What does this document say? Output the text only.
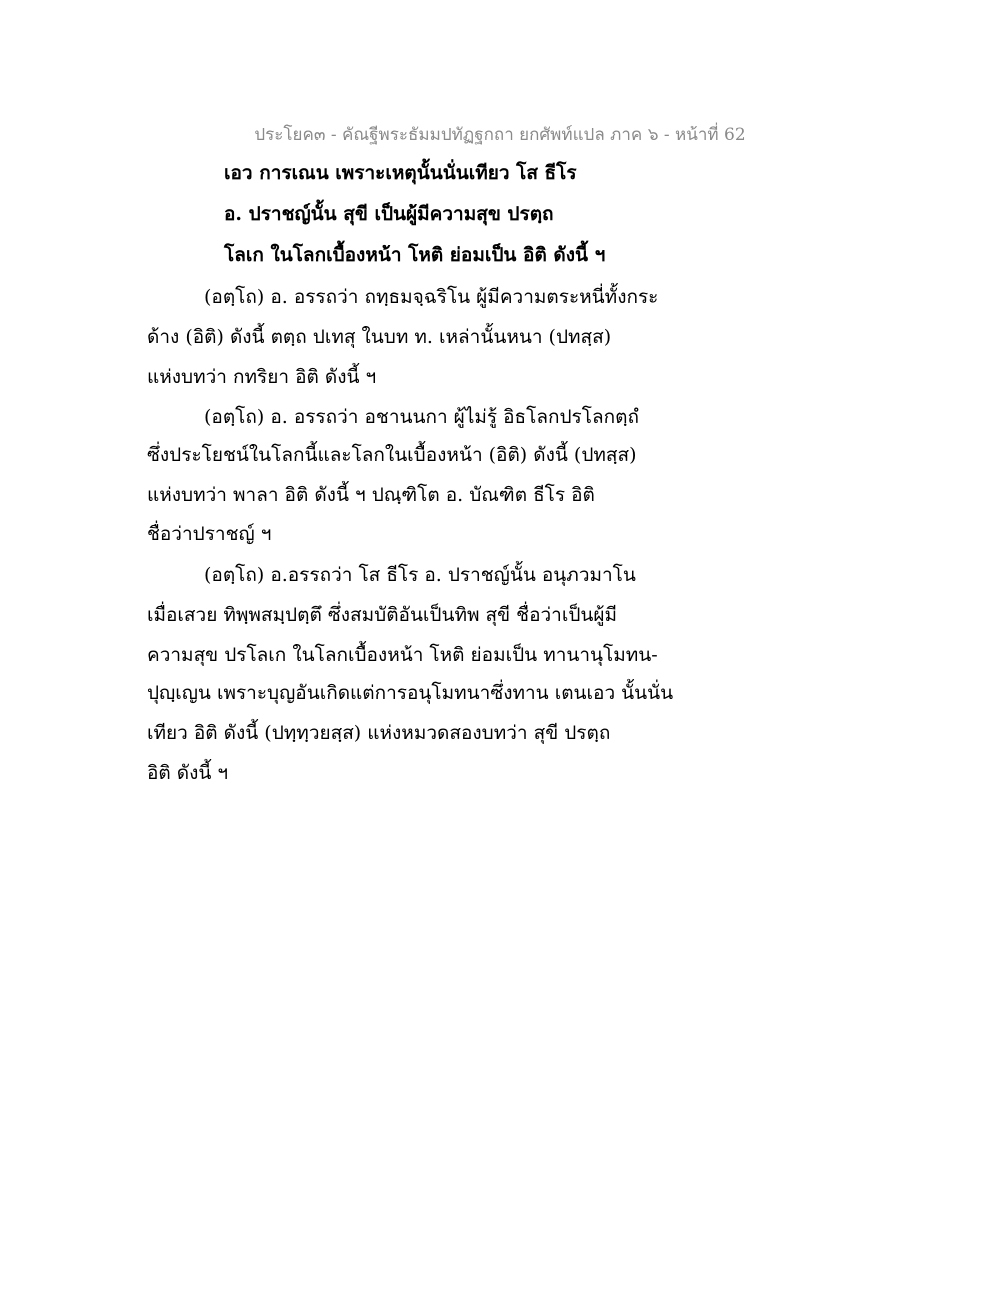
ประโยค๓ - คัณฐีพระธัมมปทัฏฐกถา ยกศัพท์แปล ภาค ๖ - หน้าที่ 62
เอว การเณน เพราะเหตุนั้นนั่นเทียว โส ธีโร
อ. ปราชญ์นั้น สุขี เป็นผู้มีความสุข ปรตฺถ
โลเก ในโลกเบื้องหน้า โหติ ย่อมเป็น อิติ ดังนี้ ฯ
(อตฺโถ) อ. อรรถว่า ถทฺธมจฺฉริโน ผู้มีความตระหนี่ทั้งกระ
ด้าง (อิติ) ดังนี้ ตตฺถ ปเทสุ ในบท ท. เหล่านั้นหนา (ปทสฺส)
แห่งบทว่า กทริยา อิติ ดังนี้ ฯ
(อตฺโถ) อ. อรรถว่า อชานนกา ผู้ไม่รู้ อิธโลกปรโลกตฺถํ
ซึ่งประโยชน์ในโลกนี้และโลกในเบื้องหน้า (อิติ) ดังนี้ (ปทสฺส)
แห่งบทว่า พาลา อิติ ดังนี้ ฯ ปณฺฑิโต อ. บัณฑิต ธีโร อิติ
ชื่อว่าปราชญ์ ฯ
(อตฺโถ) อ.อรรถว่า โส ธีโร อ. ปราชญ์นั้น อนุภวมาโน
เมื่อเสวย ทิพฺพสมฺปตฺตึ ซึ่งสมบัติอันเป็นทิพ สุขี ชื่อว่าเป็นผู้มี
ความสุข ปรโลเก ในโลกเบื้องหน้า โหติ ย่อมเป็น ทานานุโมทน-
ปุญฺเญน เพราะบุญอันเกิดแต่การอนุโมทนาซึ่งทาน เตนเอว นั้นนั่น
เทียว อิติ ดังนี้ (ปทฺทฺวยสฺส) แห่งหมวดสองบทว่า สุขี ปรตฺถ
อิติ ดังนี้ ฯ
